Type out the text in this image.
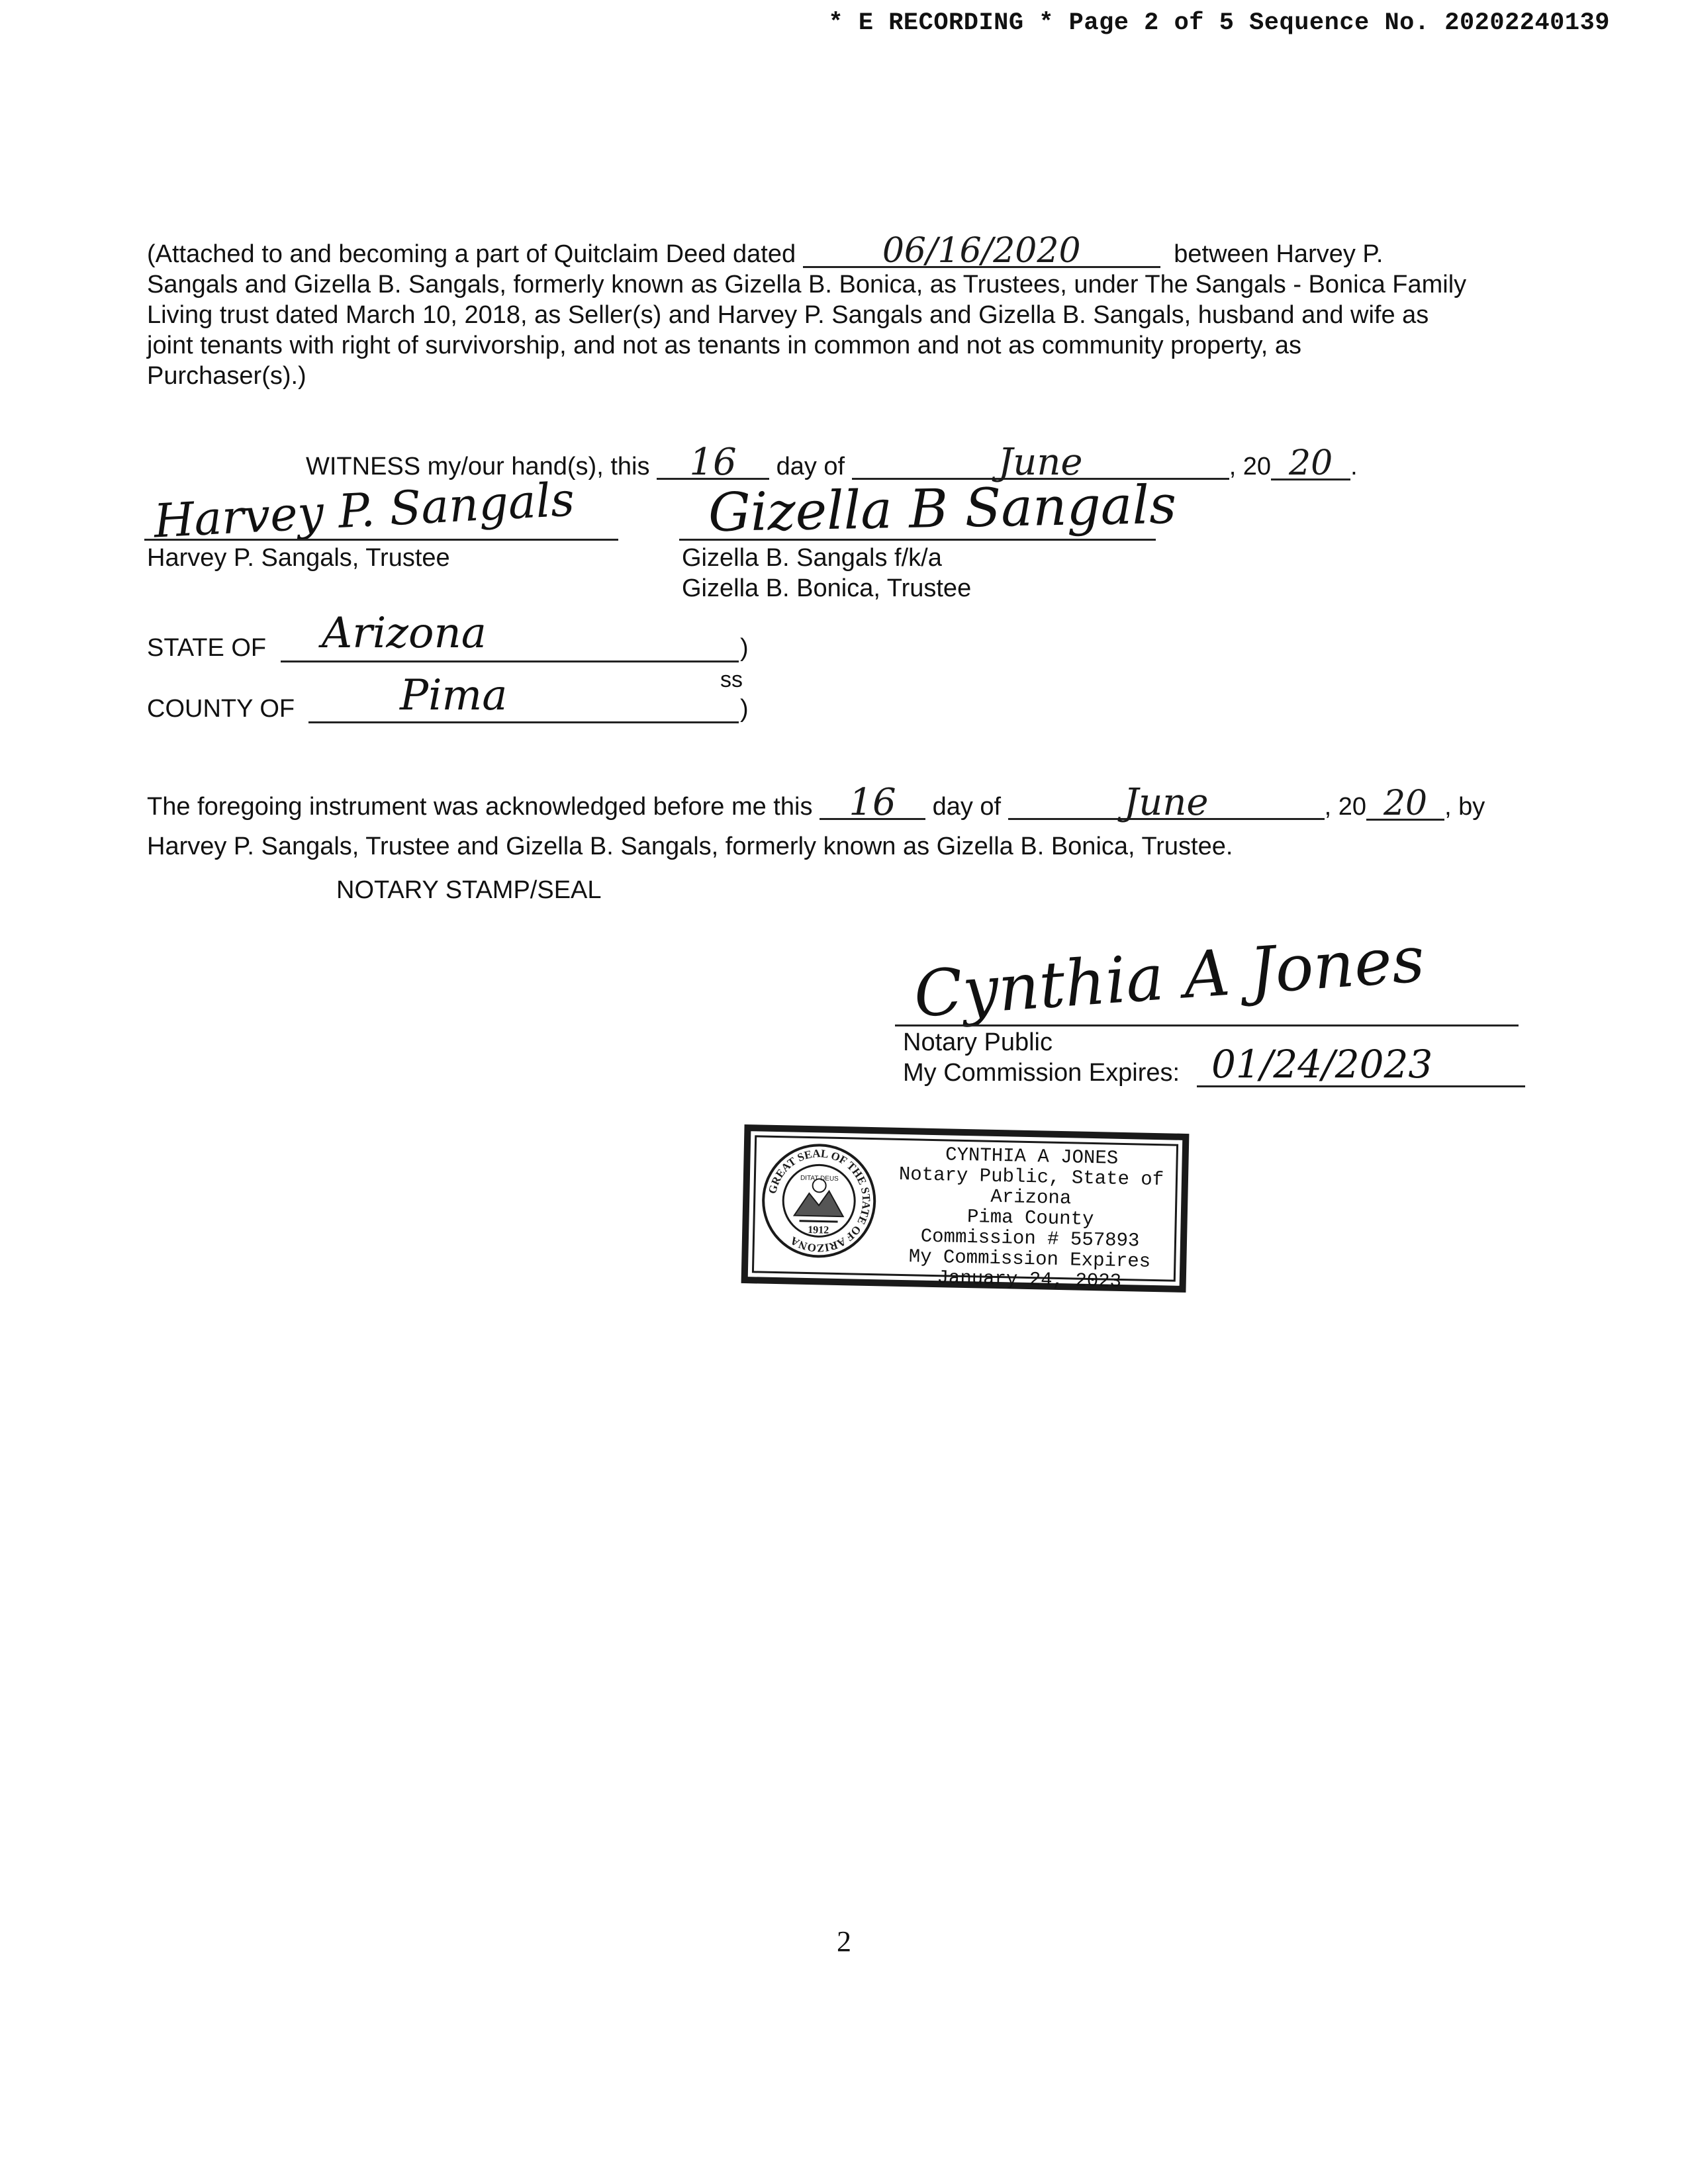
* E RECORDING * Page 2 of 5 Sequence No. 20202240139
(Attached to and becoming a part of Quitclaim Deed dated	06/16/2020	between Harvey P.
Sangals and Gizella B. Sangals, formerly known as Gizella B. Bonica, as Trustees, under The Sangals - Bonica Family
Living trust dated March 10, 2018, as Seller(s) and Harvey P. Sangals and Gizella B. Sangals, husband and wife as
joint tenants with right of survivorship, and not as tenants in common and not as community property, as
Purchaser(s).)
WITNESS my/our hand(s), this 16 day of	June	, 20 20 .
Harvey P. Sangals
Harvey P. Sangals, Trustee
Gizella B Sangals
Gizella B. Sangals f/k/a
Gizella B. Bonica, Trustee
STATE OF Arizona	)
ss
COUNTY OF Pima	)
The foregoing instrument was acknowledged before me this 16 day of	June	, 20 20 , by
Harvey P. Sangals, Trustee and Gizella B. Sangals, formerly known as Gizella B. Bonica, Trustee.
NOTARY STAMP/SEAL
Cynthia A Jones
Notary Public
My Commission Expires: 01/24/2023
GREAT SEAL OF THE STATE OF ARIZONA
DITAT DEUS
1912
CYNTHIA A JONES
Notary Public, State of Arizona
Pima County
Commission # 557893
My Commission Expires
January 24, 2023
2
